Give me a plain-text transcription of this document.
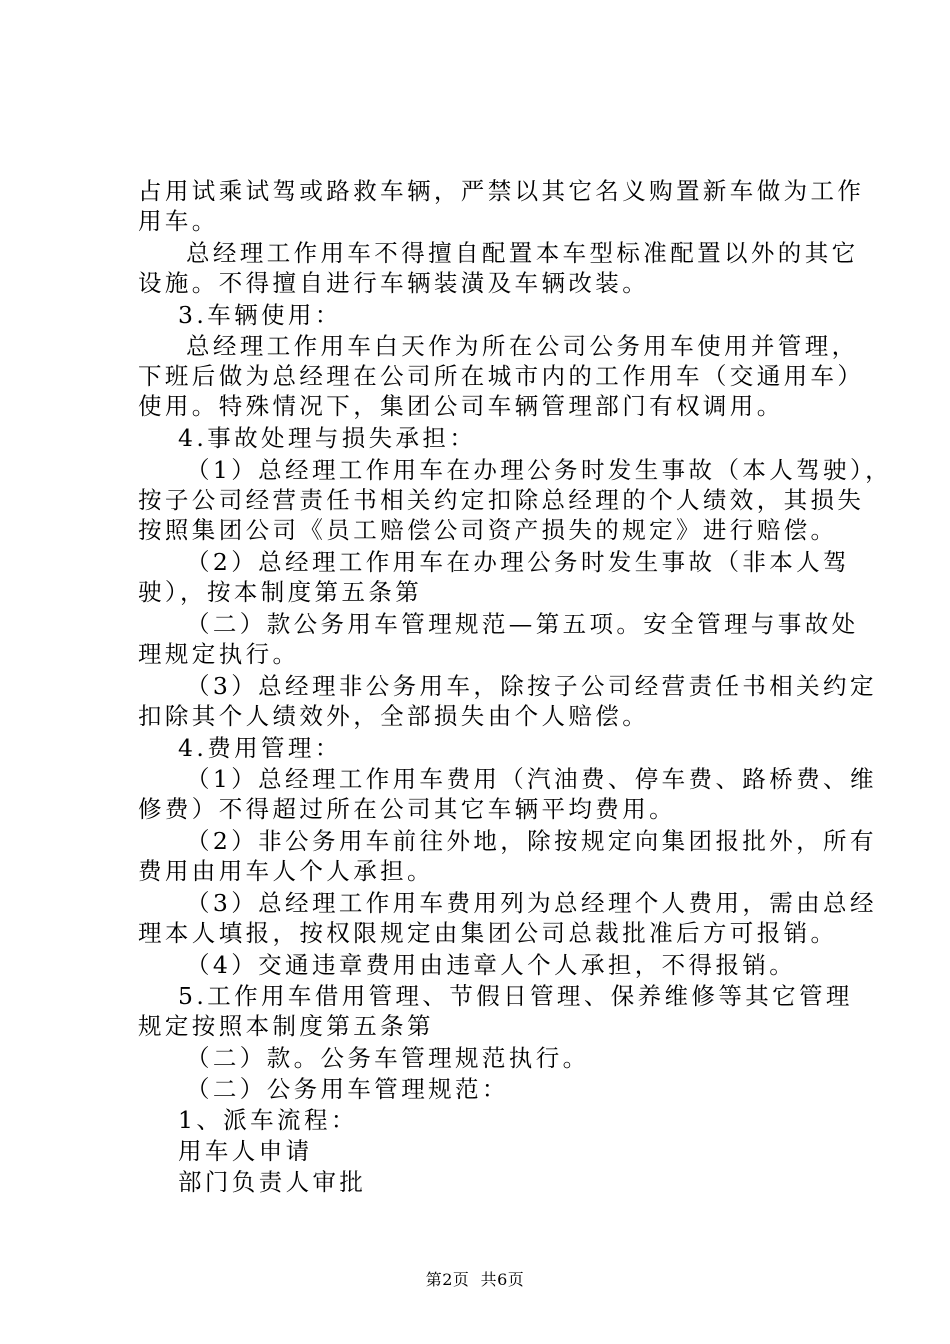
占用试乘试驾或路救车辆，严禁以其它名义购置新车做为工作
用车。
总经理工作用车不得擅自配置本车型标准配置以外的其它
设施。不得擅自进行车辆装潢及车辆改装。
3.车辆使用：
总经理工作用车白天作为所在公司公务用车使用并管理，
下班后做为总经理在公司所在城市内的工作用车（交通用车）
使用。特殊情况下，集团公司车辆管理部门有权调用。
4.事故处理与损失承担：
（1）总经理工作用车在办理公务时发生事故（本人驾驶），
按子公司经营责任书相关约定扣除总经理的个人绩效，其损失
按照集团公司《员工赔偿公司资产损失的规定》进行赔偿。
（2）总经理工作用车在办理公务时发生事故（非本人驾
驶），按本制度第五条第
（二）款公务用车管理规范—第五项。安全管理与事故处
理规定执行。
（3）总经理非公务用车，除按子公司经营责任书相关约定
扣除其个人绩效外，全部损失由个人赔偿。
4.费用管理：
（1）总经理工作用车费用（汽油费、停车费、路桥费、维
修费）不得超过所在公司其它车辆平均费用。
（2）非公务用车前往外地，除按规定向集团报批外，所有
费用由用车人个人承担。
（3）总经理工作用车费用列为总经理个人费用，需由总经
理本人填报，按权限规定由集团公司总裁批准后方可报销。
（4）交通违章费用由违章人个人承担，不得报销。
5.工作用车借用管理、节假日管理、保养维修等其它管理
规定按照本制度第五条第
（二）款。公务车管理规范执行。
（二）公务用车管理规范：
1、派车流程：
用车人申请
部门负责人审批
第2页  共6页
